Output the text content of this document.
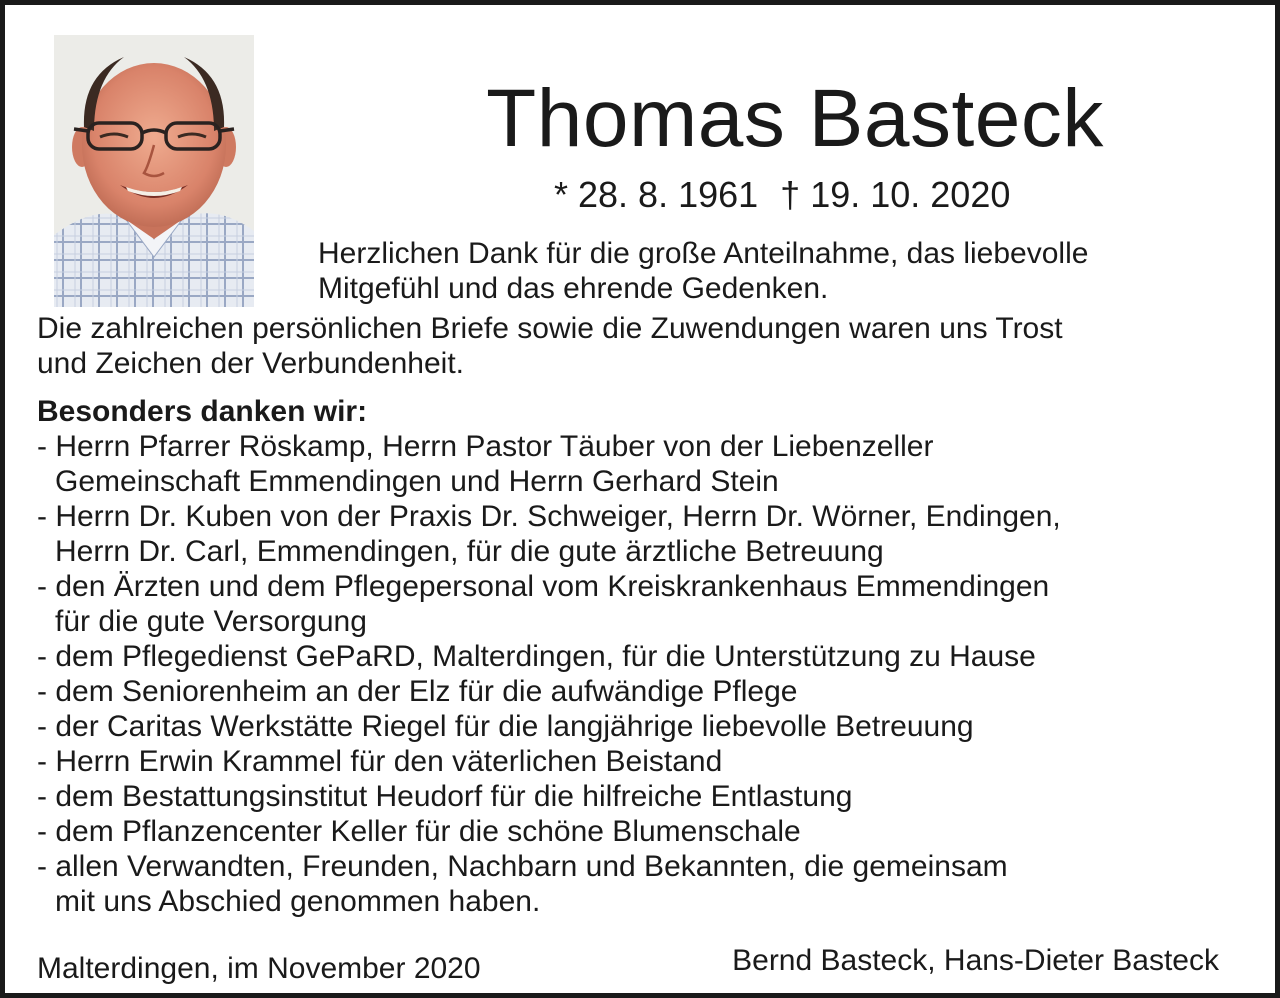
Thomas Basteck
* 28. 8. 1961 † 19. 10. 2020
Herzlichen Dank für die große Anteilnahme, das liebevolle
Mitgefühl und das ehrende Gedenken.
Die zahlreichen persönlichen Briefe sowie die Zuwendungen waren uns Trost
und Zeichen der Verbundenheit.
Besonders danken wir:
- Herrn Pfarrer Röskamp, Herrn Pastor Täuber von der Liebenzeller
Gemeinschaft Emmendingen und Herrn Gerhard Stein
- Herrn Dr. Kuben von der Praxis Dr. Schweiger, Herrn Dr. Wörner, Endingen,
Herrn Dr. Carl, Emmendingen, für die gute ärztliche Betreuung
- den Ärzten und dem Pflegepersonal vom Kreiskrankenhaus Emmendingen
für die gute Versorgung
- dem Pflegedienst GePaRD, Malterdingen, für die Unterstützung zu Hause
- dem Seniorenheim an der Elz für die aufwändige Pflege
- der Caritas Werkstätte Riegel für die langjährige liebevolle Betreuung
- Herrn Erwin Krammel für den väterlichen Beistand
- dem Bestattungsinstitut Heudorf für die hilfreiche Entlastung
- dem Pflanzencenter Keller für die schöne Blumenschale
- allen Verwandten, Freunden, Nachbarn und Bekannten, die gemeinsam
mit uns Abschied genommen haben.
Malterdingen, im November 2020	Bernd Basteck, Hans-Dieter Basteck
